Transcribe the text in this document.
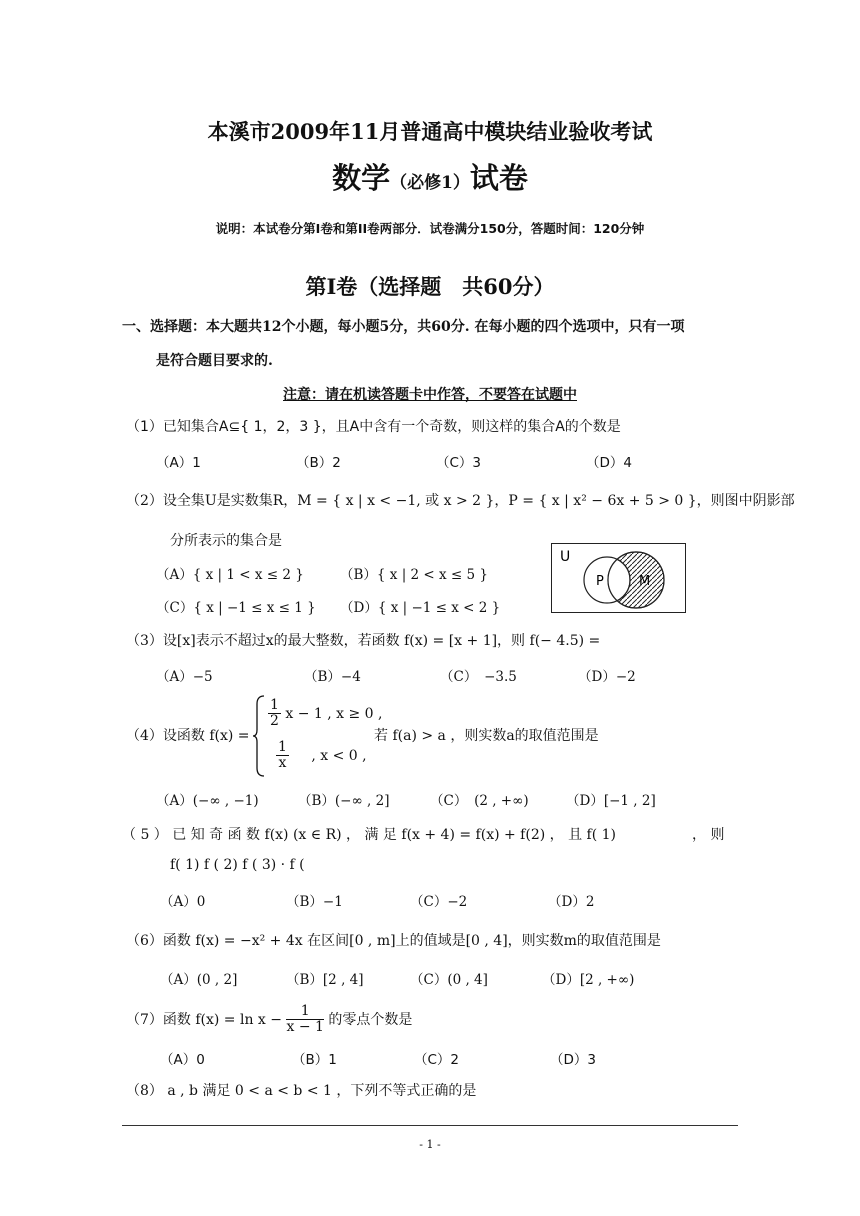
本溪市2009年11月普通高中模块结业验收考试
数学（必修1）试卷
说明：本试卷分第Ⅰ卷和第II卷两部分．试卷满分150分，答题时间：120分钟
第Ⅰ卷（选择题　共60分）
一、选择题：本大题共12个小题，每小题5分，共60分. 在每小题的四个选项中，只有一项
是符合题目要求的.
注意：请在机读答题卡中作答，不要答在试题中
（1）已知集合A⊆{ 1，2，3 }，且A中含有一个奇数，则这样的集合A的个数是
（A）1	（B）2	（C）3	（D）4
（2）设全集U是实数集R，M = { x | x < −1, 或 x > 2 }，P = { x | x² − 6x + 5 > 0 }，则图中阴影部
分所表示的集合是
（A）{ x | 1 < x ≤ 2 }	（B）{ x | 2 < x ≤ 5 }
（C）{ x | −1 ≤ x ≤ 1 } （D）{ x | −1 ≤ x < 2 }
U
P	M
（3）设[x]表示不超过x的最大整数，若函数 f(x) = [x + 1]，则 f(− 4.5) =
（A）−5	（B）−4	（C）　−3.5	（D）−2
（4）设函数 f(x) =
$\frac{1}{2}$ x − 1 , x ≥ 0 ,
$\frac{1}{x}$ , x < 0 ,
若 f(a) > a ，则实数a的取值范围是
（A）(−∞ , −1)	（B）(−∞ , 2]	（C）　(2 , +∞)	（D）[−1 , 2]
（ 5 ） 已 知 奇 函 数 f(x) (x ∈ R) ， 满 足 f(x + 4) = f(x) + f(2) ， 且 f( 1)	， 则
f( 1) f ( 2) f ( 3) · f (
（A）0	（B）−1	（C）−2	（D）2
（6）函数 f(x) = −x² + 4x 在区间[0 , m]上的值域是[0 , 4]，则实数m的取值范围是
（A）(0 , 2]	（B）[2 , 4]	（C）(0 , 4]	（D）[2 , +∞)
（7）函数 $f(x) = \ln x - \frac{1}{x - 1}$ 的零点个数是
（A）0	（B）1	（C）2	（D）3
（8） a , b 满足 0 < a < b < 1 ，下列不等式正确的是
- 1 -
